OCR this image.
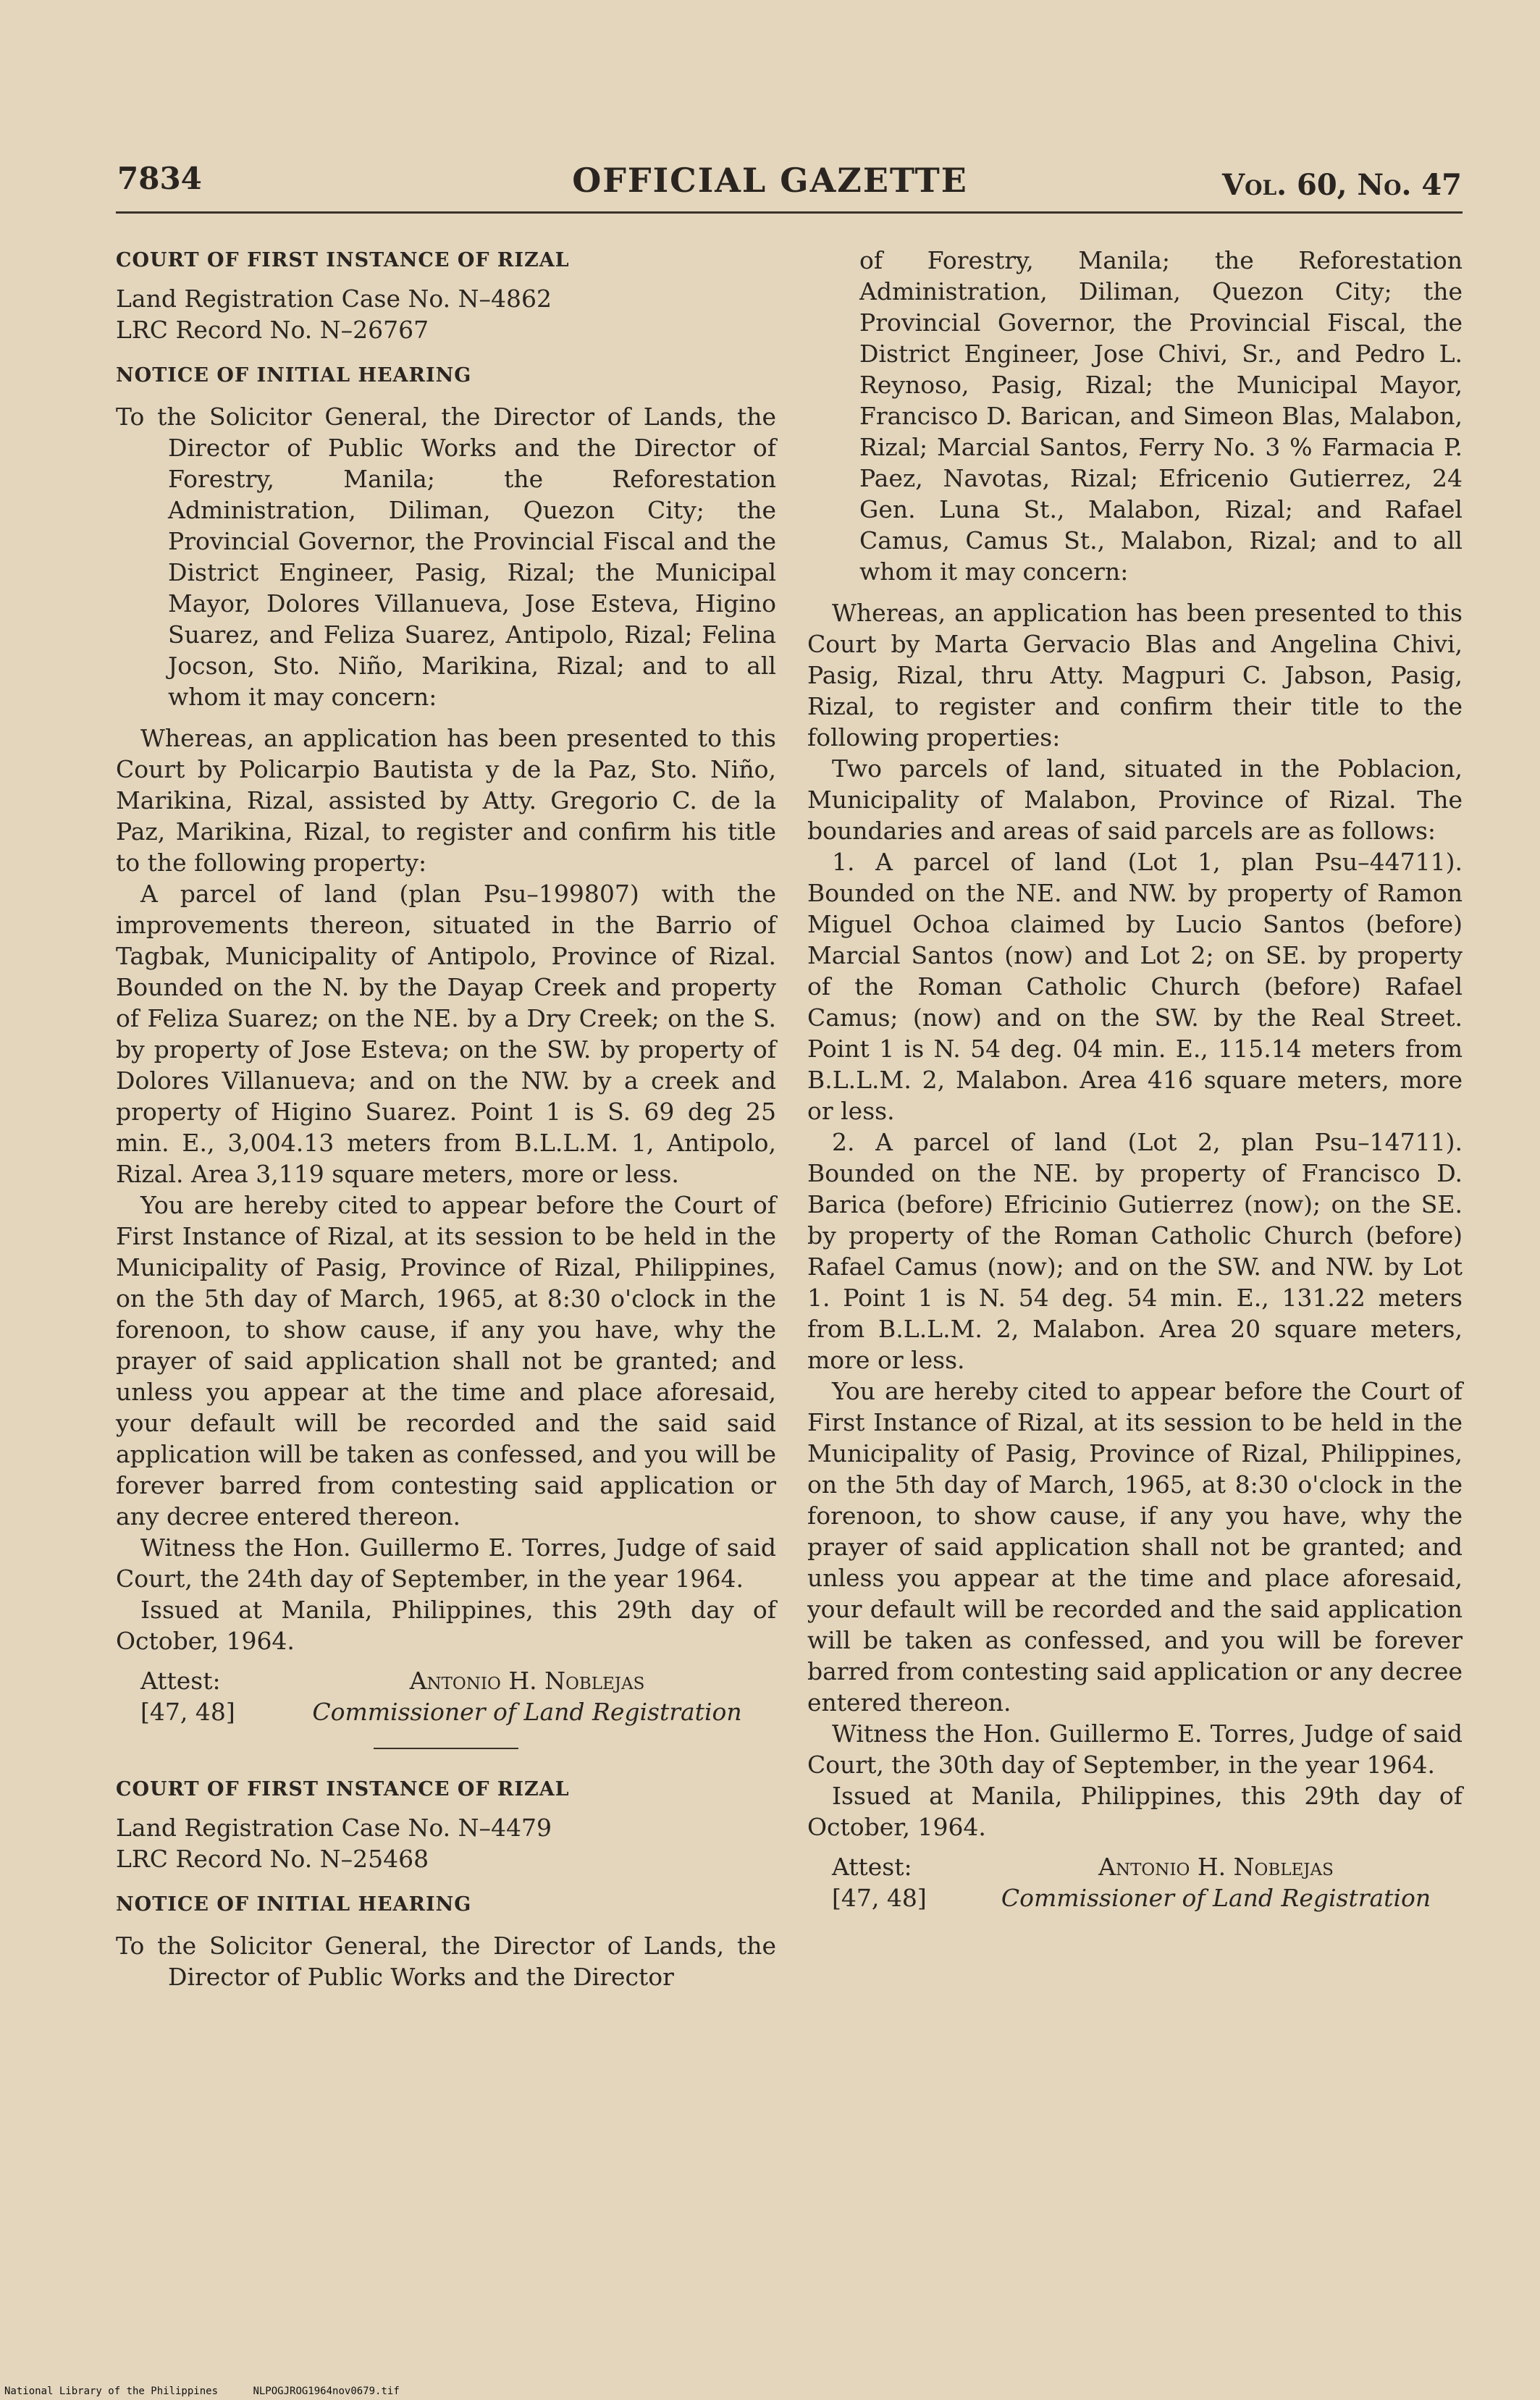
7834	OFFICIAL GAZETTE	Vol. 60, No. 47

COURT OF FIRST INSTANCE OF RIZAL

Land Registration Case No. N–4862

LRC Record No. N–26767

NOTICE OF INITIAL HEARING

To the Solicitor General, the Director of Lands, the Director of Public Works and the Director of Forestry, Manila; the Reforestation Administration, Diliman, Quezon City; the Provincial Governor, the Provincial Fiscal and the District Engineer, Pasig, Rizal; the Municipal Mayor, Dolores Villanueva, Jose Esteva, Higino Suarez, and Feliza Suarez, Antipolo, Rizal; Felina Jocson, Sto. Niño, Marikina, Rizal; and to all whom it may concern:

Whereas, an application has been presented to this Court by Policarpio Bautista y de la Paz, Sto. Niño, Marikina, Rizal, assisted by Atty. Gregorio C. de la Paz, Marikina, Rizal, to register and confirm his title to the following property:

A parcel of land (plan Psu–199807) with the improvements thereon, situated in the Barrio of Tagbak, Municipality of Antipolo, Province of Rizal. Bounded on the N. by the Dayap Creek and property of Feliza Suarez; on the NE. by a Dry Creek; on the S. by property of Jose Esteva; on the SW. by property of Dolores Villanueva; and on the NW. by a creek and property of Higino Suarez. Point 1 is S. 69 deg 25 min. E., 3,004.13 meters from B.L.L.M. 1, Antipolo, Rizal. Area 3,119 square meters, more or less.

You are hereby cited to appear before the Court of First Instance of Rizal, at its session to be held in the Municipality of Pasig, Province of Rizal, Philippines, on the 5th day of March, 1965, at 8:30 o'clock in the forenoon, to show cause, if any you have, why the prayer of said application shall not be granted; and unless you appear at the time and place aforesaid, your default will be recorded and the said said application will be taken as confessed, and you will be forever barred from contesting said application or any decree entered thereon.

Witness the Hon. Guillermo E. Torres, Judge of said Court, the 24th day of September, in the year 1964.

Issued at Manila, Philippines, this 29th day of October, 1964.

Attest:
[47, 48]
Antonio H. Noblejas
Commissioner of Land Registration

COURT OF FIRST INSTANCE OF RIZAL

Land Registration Case No. N–4479

LRC Record No. N–25468

NOTICE OF INITIAL HEARING

To the Solicitor General, the Director of Lands, the Director of Public Works and the Director

of Forestry, Manila; the Reforestation Administration, Diliman, Quezon City; the Provincial Governor, the Provincial Fiscal, the District Engineer, Jose Chivi, Sr., and Pedro L. Reynoso, Pasig, Rizal; the Municipal Mayor, Francisco D. Barican, and Simeon Blas, Malabon, Rizal; Marcial Santos, Ferry No. 3 % Farmacia P. Paez, Navotas, Rizal; Efricenio Gutierrez, 24 Gen. Luna St., Malabon, Rizal; and Rafael Camus, Camus St., Malabon, Rizal; and to all whom it may concern:

Whereas, an application has been presented to this Court by Marta Gervacio Blas and Angelina Chivi, Pasig, Rizal, thru Atty. Magpuri C. Jabson, Pasig, Rizal, to register and confirm their title to the following properties:

Two parcels of land, situated in the Poblacion, Municipality of Malabon, Province of Rizal. The boundaries and areas of said parcels are as follows:

1. A parcel of land (Lot 1, plan Psu–44711). Bounded on the NE. and NW. by property of Ramon Miguel Ochoa claimed by Lucio Santos (before) Marcial Santos (now) and Lot 2; on SE. by property of the Roman Catholic Church (before) Rafael Camus; (now) and on the SW. by the Real Street. Point 1 is N. 54 deg. 04 min. E., 115.14 meters from B.L.L.M. 2, Malabon. Area 416 square meters, more or less.

2. A parcel of land (Lot 2, plan Psu–14711). Bounded on the NE. by property of Francisco D. Barica (before) Efricinio Gutierrez (now); on the SE. by property of the Roman Catholic Church (before) Rafael Camus (now); and on the SW. and NW. by Lot 1. Point 1 is N. 54 deg. 54 min. E., 131.22 meters from B.L.L.M. 2, Malabon. Area 20 square meters, more or less.

You are hereby cited to appear before the Court of First Instance of Rizal, at its session to be held in the Municipality of Pasig, Province of Rizal, Philippines, on the 5th day of March, 1965, at 8:30 o'clock in the forenoon, to show cause, if any you have, why the prayer of said application shall not be granted; and unless you appear at the time and place aforesaid, your default will be recorded and the said application will be taken as confessed, and you will be forever barred from contesting said application or any decree entered thereon.

Witness the Hon. Guillermo E. Torres, Judge of said Court, the 30th day of September, in the year 1964.

Issued at Manila, Philippines, this 29th day of October, 1964.

Attest:
[47, 48]
Antonio H. Noblejas
Commissioner of Land Registration
National Library of the Philippines	NLPOGJROG1964nov0679.tif
